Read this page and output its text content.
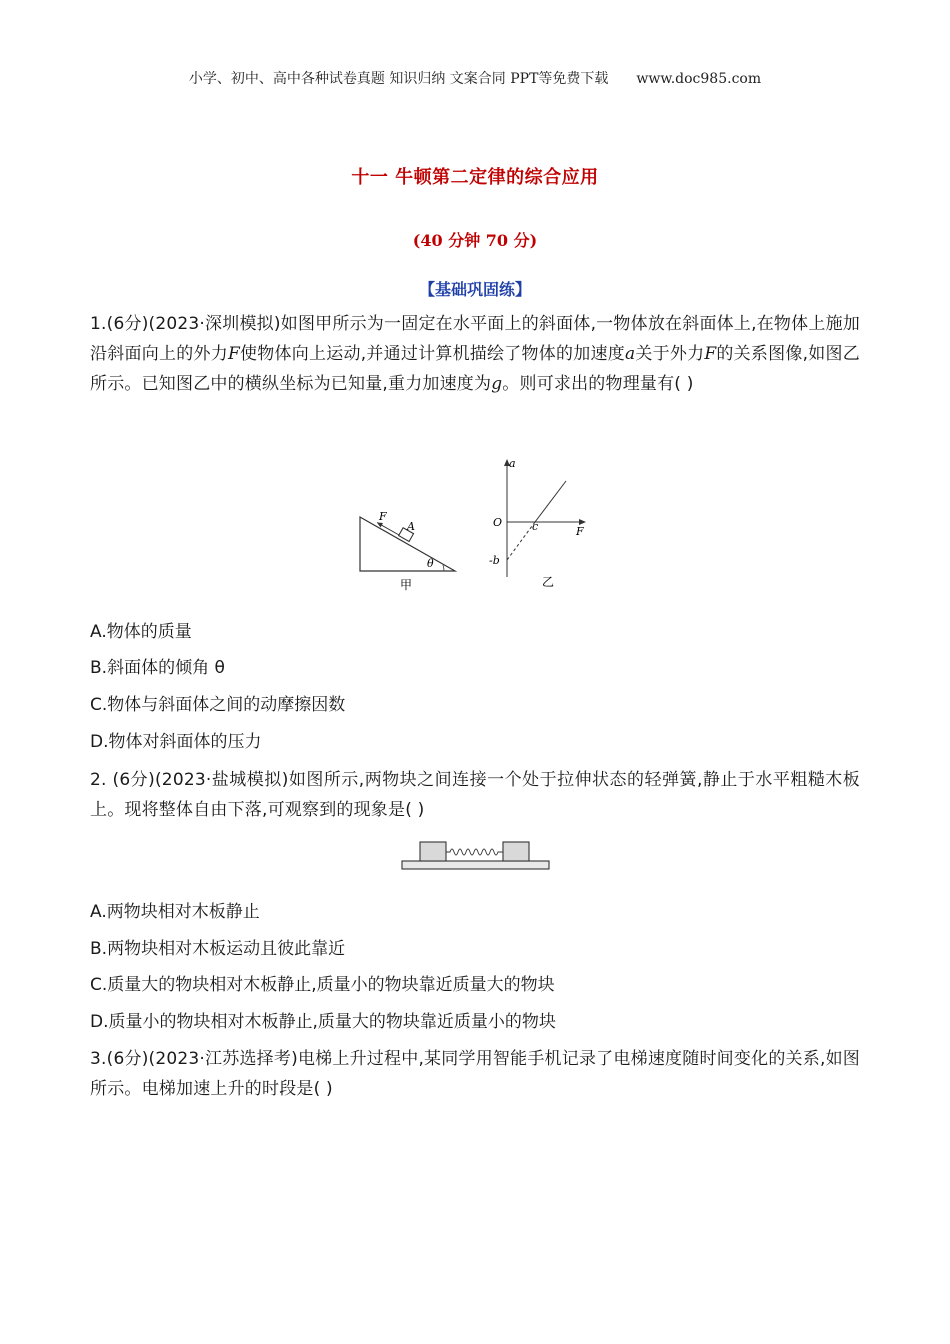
小学、初中、高中各种试卷真题 知识归纳 文案合同 PPT等免费下载 www.doc985.com
十一 牛顿第二定律的综合应用
(40 分钟 70 分)
【基础巩固练】
1.(6分)(2023·深圳模拟)如图甲所示为一固定在水平面上的斜面体,一物体放在斜面体上,在物体上施加沿斜面向上的外力F使物体向上运动,并通过计算机描绘了物体的加速度a关于外力F的关系图像,如图乙所示。已知图乙中的横纵坐标为已知量,重力加速度为g。则可求出的物理量有( )
F
A
θ
甲
a
O	c	F
-b
乙
A.物体的质量
B.斜面体的倾角 θ
C.物体与斜面体之间的动摩擦因数
D.物体对斜面体的压力
2. (6分)(2023·盐城模拟)如图所示,两物块之间连接一个处于拉伸状态的轻弹簧,静止于水平粗糙木板上。现将整体自由下落,可观察到的现象是( )
A.两物块相对木板静止
B.两物块相对木板运动且彼此靠近
C.质量大的物块相对木板静止,质量小的物块靠近质量大的物块
D.质量小的物块相对木板静止,质量大的物块靠近质量小的物块
3.(6分)(2023·江苏选择考)电梯上升过程中,某同学用智能手机记录了电梯速度随时间变化的关系,如图所示。电梯加速上升的时段是( )
